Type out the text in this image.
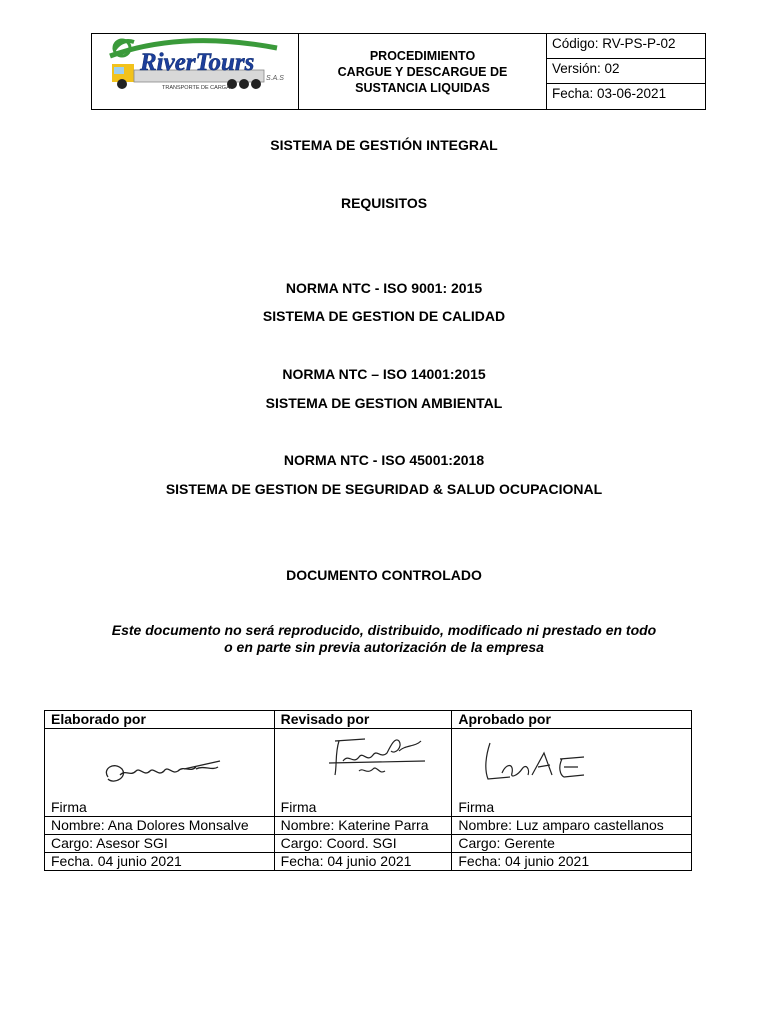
RiverTours
S.A.S
TRANSPORTE DE CARGA
PROCEDIMIENTO
CARGUE Y DESCARGUE DE
SUSTANCIA LIQUIDAS
Código: RV-PS-P-02
Versión: 02
Fecha: 03-06-2021
SISTEMA DE GESTIÓN INTEGRAL
REQUISITOS
NORMA NTC - ISO 9001: 2015
SISTEMA DE GESTION DE CALIDAD
NORMA NTC – ISO 14001:2015
SISTEMA DE GESTION AMBIENTAL
NORMA NTC - ISO 45001:2018
SISTEMA DE GESTION DE SEGURIDAD & SALUD OCUPACIONAL
DOCUMENTO CONTROLADO
Este documento no será reproducido, distribuido, modificado ni prestado en todo
o en parte sin previa autorización de la empresa
Elaborado por	Revisado por	Aprobado por

Firma	Firma	Firma

Nombre: Ana Dolores Monsalve	Nombre: Katerine Parra	Nombre: Luz amparo castellanos
Cargo: Asesor SGI	Cargo: Coord. SGI	Cargo: Gerente
Fecha. 04 junio 2021	Fecha: 04 junio 2021	Fecha: 04 junio 2021
